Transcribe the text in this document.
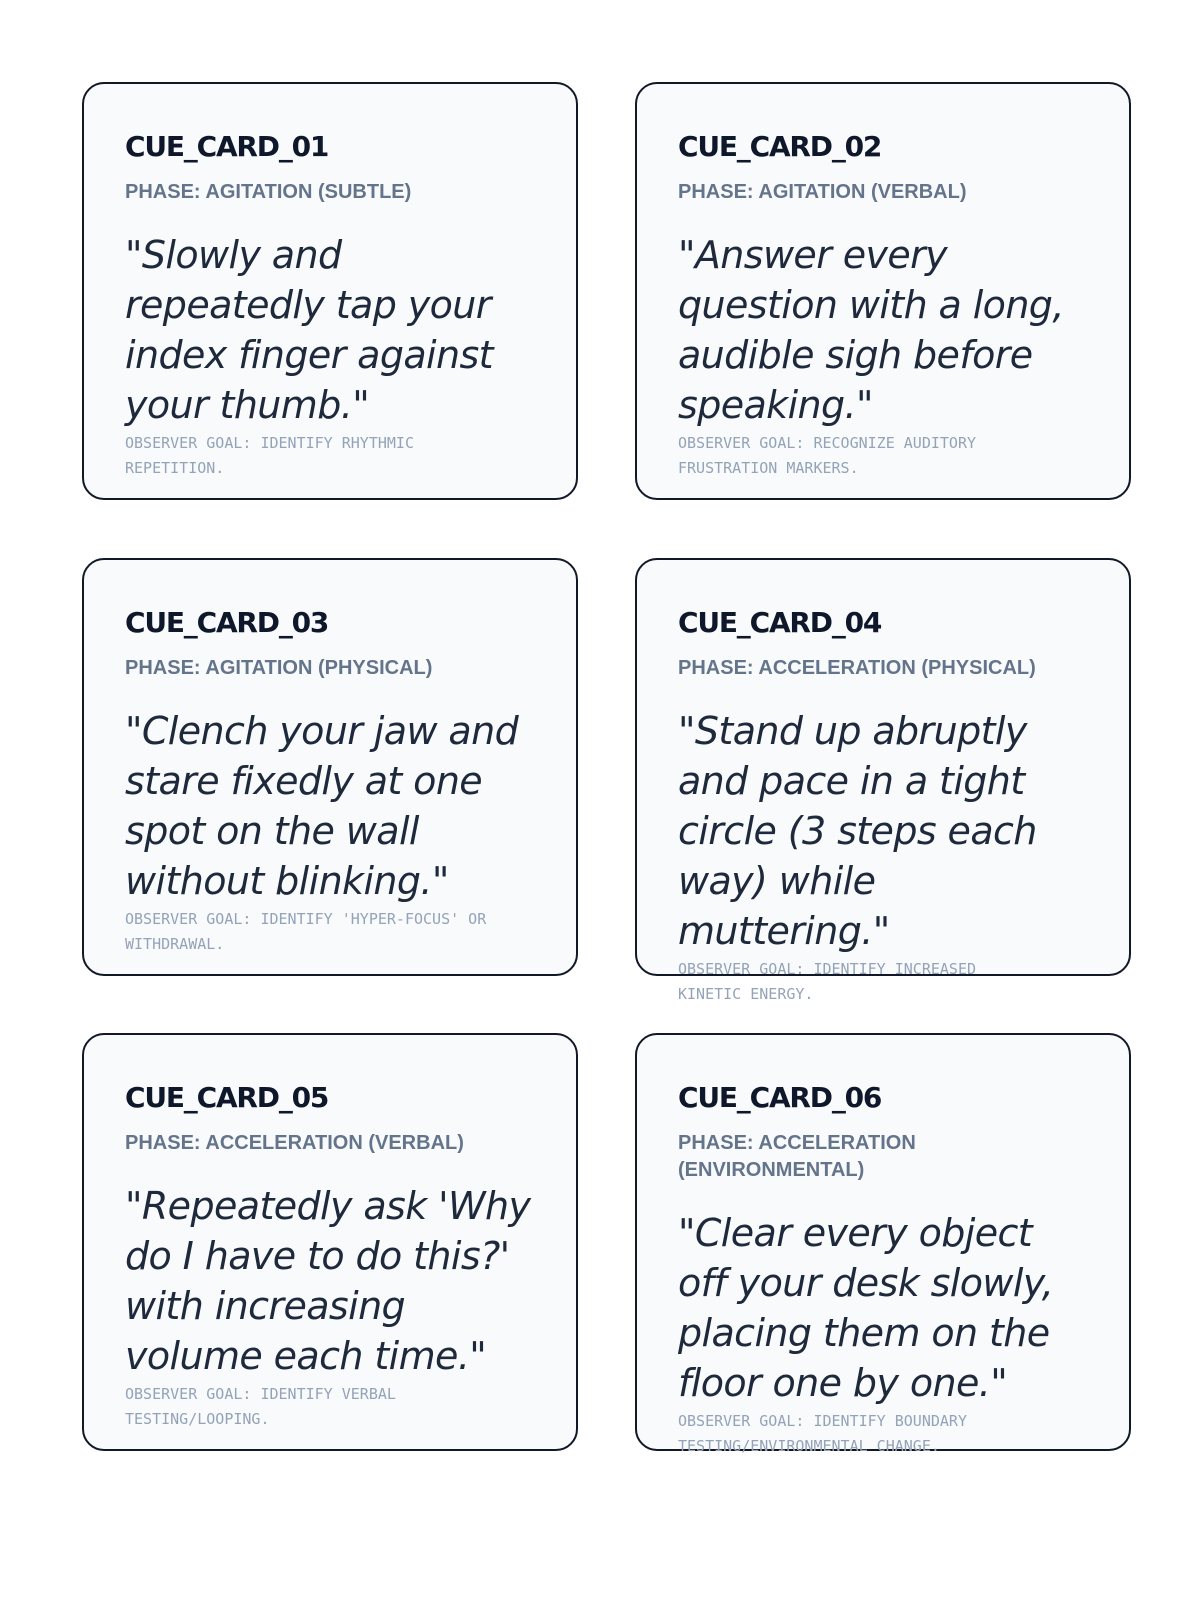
CUE_CARD_01
PHASE: AGITATION (SUBTLE)

"Slowly and repeatedly tap your index finger against your thumb."

OBSERVER GOAL: IDENTIFY RHYTHMIC REPETITION.
CUE_CARD_02
PHASE: AGITATION (VERBAL)

"Answer every question with a long, audible sigh before speaking."

OBSERVER GOAL: RECOGNIZE AUDITORY FRUSTRATION MARKERS.
CUE_CARD_03
PHASE: AGITATION (PHYSICAL)

"Clench your jaw and stare fixedly at one spot on the wall without blinking."

OBSERVER GOAL: IDENTIFY 'HYPER-FOCUS' OR WITHDRAWAL.
CUE_CARD_04
PHASE: ACCELERATION (PHYSICAL)

"Stand up abruptly and pace in a tight circle (3 steps each way) while muttering."

OBSERVER GOAL: IDENTIFY INCREASED KINETIC ENERGY.
CUE_CARD_05
PHASE: ACCELERATION (VERBAL)

"Repeatedly ask 'Why do I have to do this?' with increasing volume each time."

OBSERVER GOAL: IDENTIFY VERBAL TESTING/LOOPING.
CUE_CARD_06
PHASE: ACCELERATION (ENVIRONMENTAL)

"Clear every object off your desk slowly, placing them on the floor one by one."

OBSERVER GOAL: IDENTIFY BOUNDARY TESTING/ENVIRONMENTAL CHANGE.
